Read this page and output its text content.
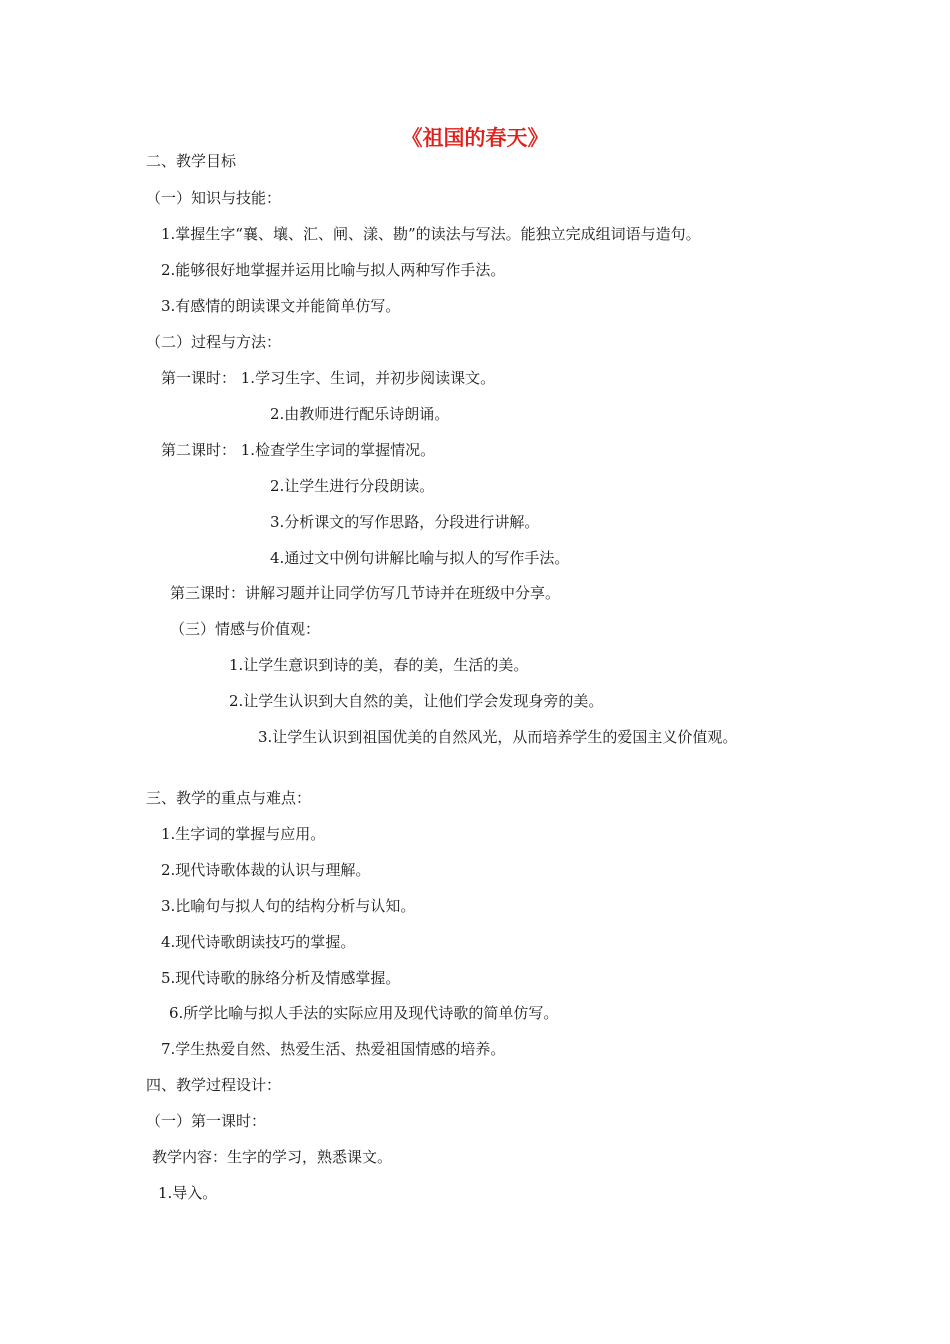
《祖国的春天》
二、教学目标
（一）知识与技能：
1.掌握生字“襄、壤、汇、闸、漾、勘”的读法与写法。能独立完成组词语与造句。
2.能够很好地掌握并运用比喻与拟人两种写作手法。
3.有感情的朗读课文并能简单仿写。
（二）过程与方法：
第一课时： 1.学习生字、生词，并初步阅读课文。
2.由教师进行配乐诗朗诵。
第二课时： 1.检查学生字词的掌握情况。
2.让学生进行分段朗读。
3.分析课文的写作思路，分段进行讲解。
4.通过文中例句讲解比喻与拟人的写作手法。
第三课时：讲解习题并让同学仿写几节诗并在班级中分享。
（三）情感与价值观：
1.让学生意识到诗的美，春的美，生活的美。
2.让学生认识到大自然的美，让他们学会发现身旁的美。
3.让学生认识到祖国优美的自然风光，从而培养学生的爱国主义价值观。
三、教学的重点与难点：
1.生字词的掌握与应用。
2.现代诗歌体裁的认识与理解。
3.比喻句与拟人句的结构分析与认知。
4.现代诗歌朗读技巧的掌握。
5.现代诗歌的脉络分析及情感掌握。
6.所学比喻与拟人手法的实际应用及现代诗歌的简单仿写。
7.学生热爱自然、热爱生活、热爱祖国情感的培养。
四、教学过程设计：
（一）第一课时：
教学内容：生字的学习，熟悉课文。
1.导入。
